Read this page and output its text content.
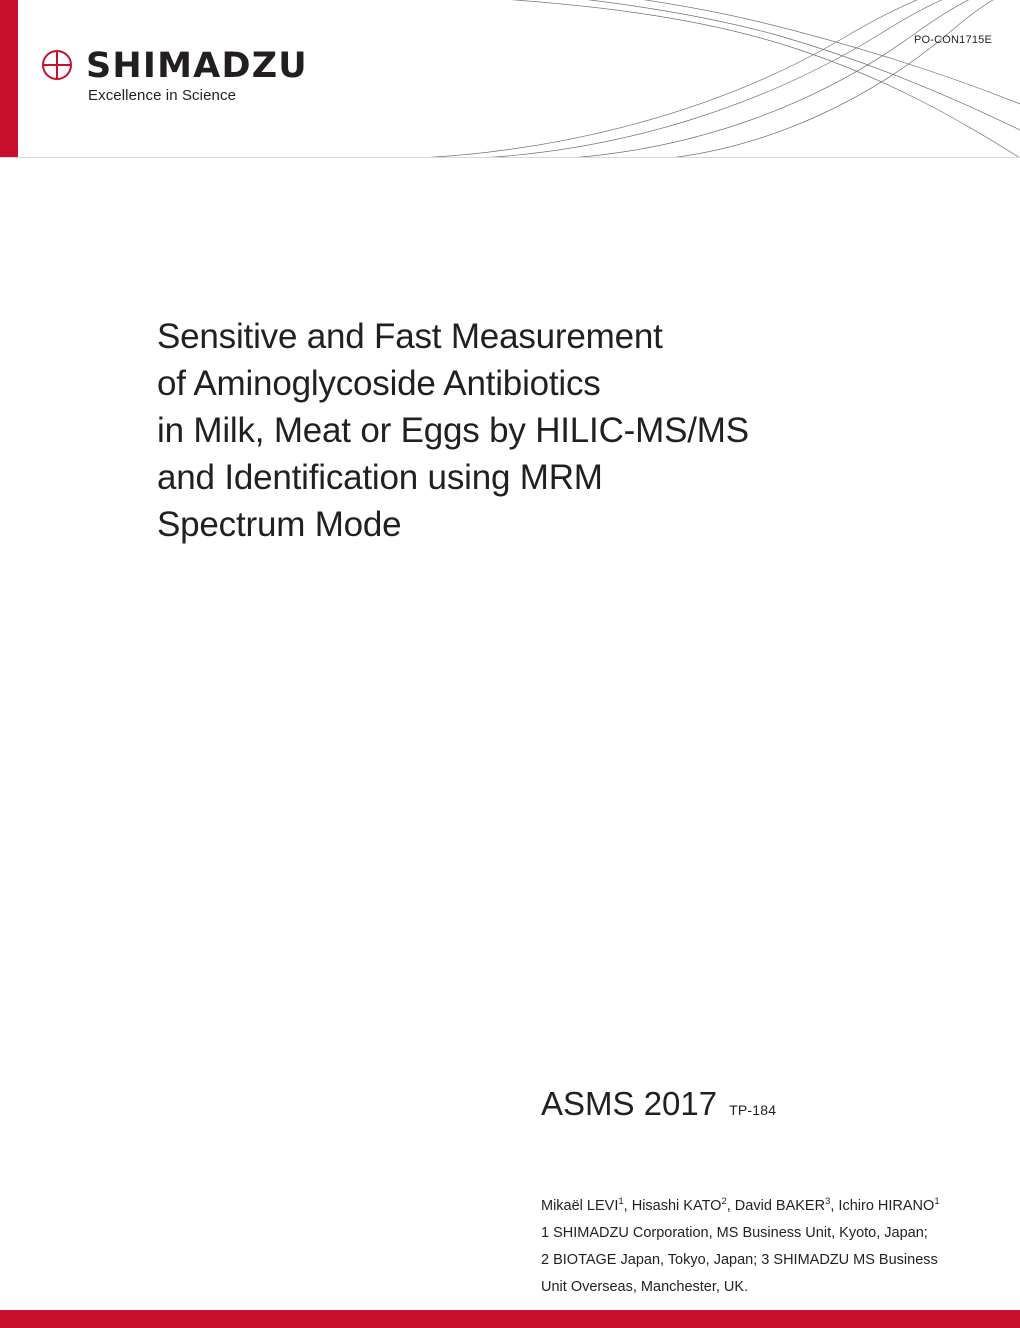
PO-CON1715E
SHIMADZU
Excellence in Science
Sensitive and Fast Measurement
of Aminoglycoside Antibiotics
in Milk, Meat or Eggs by HILIC-MS/MS
and Identification using MRM
Spectrum Mode
ASMS 2017 TP-184
Mikaël LEVI$^1$, Hisashi KATO$^2$, David BAKER$^3$, Ichiro HIRANO$^1$
1 SHIMADZU Corporation, MS Business Unit, Kyoto, Japan;
2 BIOTAGE Japan, Tokyo, Japan; 3 SHIMADZU MS Business
Unit Overseas, Manchester, UK.
